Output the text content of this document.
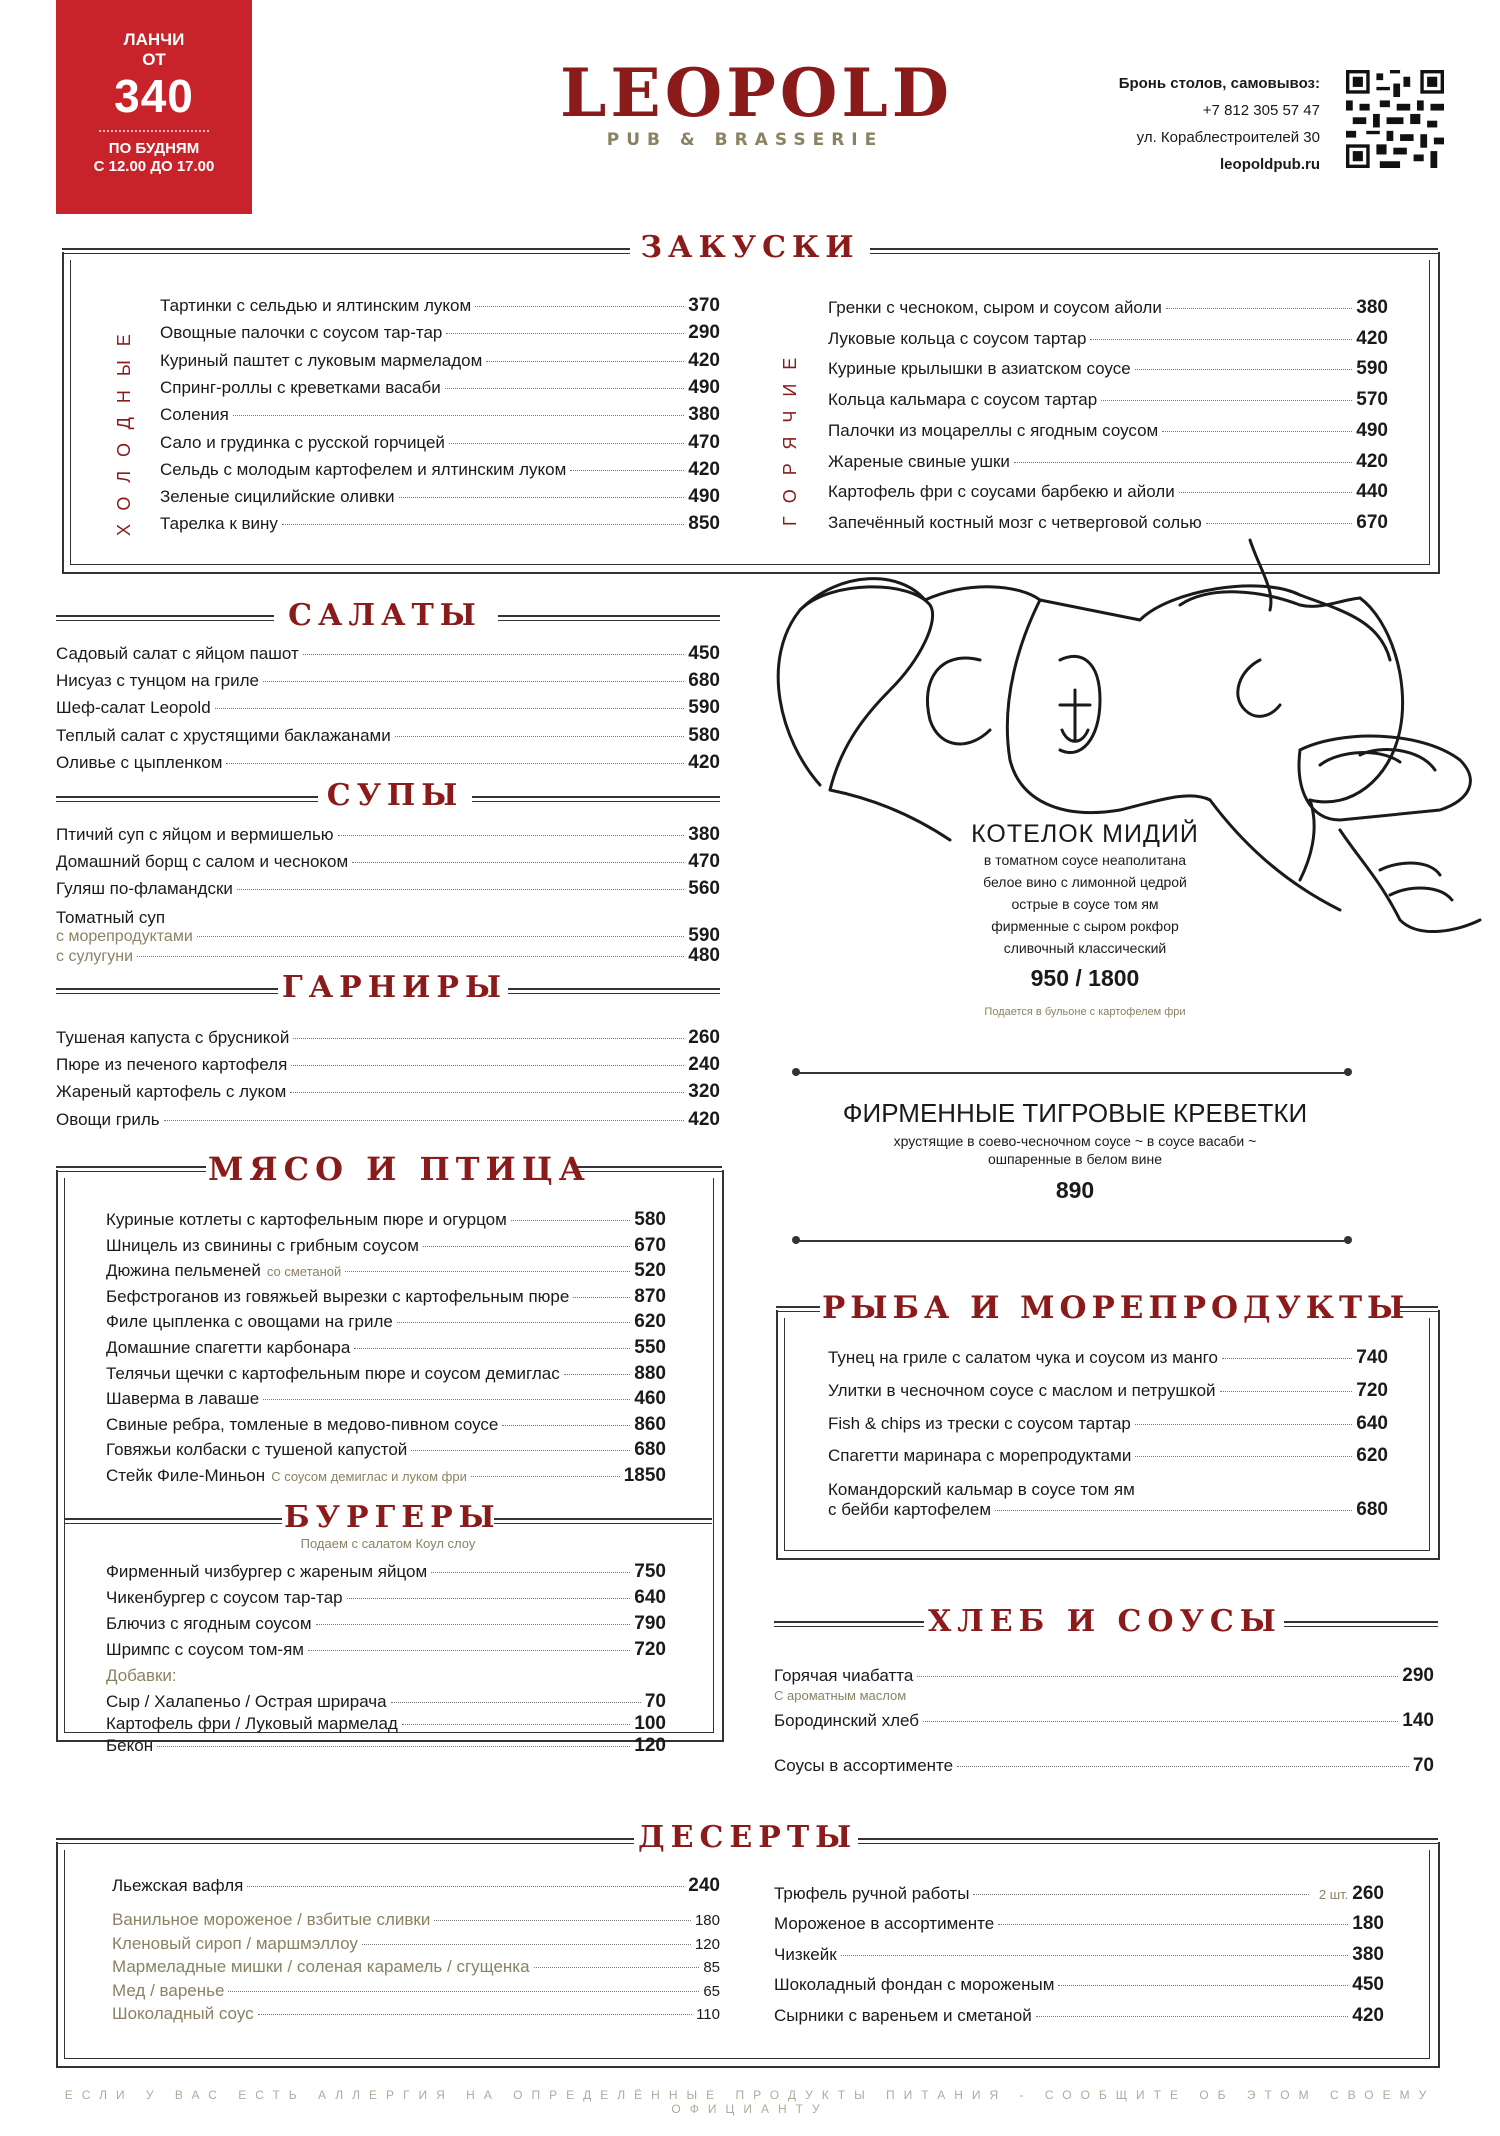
ЛАНЧИ
ОТ
340
ПО БУДНЯМ
С 12.00 ДО 17.00
LEOPOLD
PUB & BRASSERIE
Бронь столов, самовывоз:
+7 812 305 57 47
ул. Кораблестроителей 30
leopoldpub.ru
ЗАКУСКИ
ХОЛОДНЫЕ	ГОРЯЧИЕ
Тартинки с сельдью и ялтинским луком	370
Овощные палочки с соусом тар-тар	290
Куриный паштет с луковым мармеладом	420
Спринг-роллы с креветками васаби	490
Соления	380
Сало и грудинка с русской горчицей	470
Сельдь с молодым картофелем и ялтинским луком	420
Зеленые сицилийские оливки	490
Тарелка к вину	850
Гренки с чесноком, сыром и соусом айоли	380
Луковые кольца с соусом тартар	420
Куриные крылышки в азиатском соусе	590
Кольца кальмара с соусом тартар	570
Палочки из моцареллы с ягодным соусом	490
Жареные свиные ушки	420
Картофель фри с соусами барбекю и айоли	440
Запечённый костный мозг с четверговой солью	670
САЛАТЫ
Садовый салат с яйцом пашот	450
Нисуаз с тунцом на гриле	680
Шеф-салат Leopold	590
Теплый салат с хрустящими баклажанами	580
Оливье с цыпленком	420
СУПЫ
Птичий суп с яйцом и вермишелью	380
Домашний борщ с салом и чесноком	470
Гуляш по-фламандски	560
Томатный суп
с морепродуктами	590
с сулугуни	480
ГАРНИРЫ
Тушеная капуста с брусникой	260
Пюре из печеного картофеля	240
Жареный картофель с луком	320
Овощи гриль	420
МЯСО И ПТИЦА
Куриные котлеты с картофельным пюре и огурцом	580
Шницель из свинины с грибным соусом	670
Дюжина пельменей со сметаной	520
Бефстроганов из говяжьей вырезки с картофельным пюре	870
Филе цыпленка с овощами на гриле	620
Домашние спагетти карбонара	550
Телячьи щечки с картофельным пюре и соусом демиглас	880
Шаверма в лаваше	460
Свиные ребра, томленые в медово-пивном соусе	860
Говяжьи колбаски с тушеной капустой	680
Стейк Филе-Миньон С соусом демиглас и луком фри	1850
БУРГЕРЫ
Подаем с салатом Коул слоу
Фирменный чизбургер с жареным яйцом	750
Чикенбургер с соусом тар-тар	640
Блючиз с ягодным соусом	790
Шримпс с соусом том-ям	720
Добавки:
Сыр / Халапеньо / Острая шрирача	70
Картофель фри / Луковый мармелад	100
Бекон	120
КОТЕЛОК МИДИЙ
в томатном соусе неаполитана
белое вино с лимонной цедрой
острые в соусе том ям
фирменные с сыром рокфор
сливочный классический
950 / 1800
Подается в бульоне с картофелем фри
ФИРМЕННЫЕ ТИГРОВЫЕ КРЕВЕТКИ
хрустящие в соево-чесночном соусе ~ в соусе васаби ~
ошпаренные в белом вине
890
РЫБА И МОРЕПРОДУКТЫ
Тунец на гриле с салатом чука и соусом из манго	740
Улитки в чесночном соусе с маслом и петрушкой	720
Fish & chips из трески с соусом тартар	640
Спагетти маринара с морепродуктами	620
Командорский кальмар в соусе том ям
с бейби картофелем	680
ХЛЕБ И СОУСЫ
Горячая чиабатта	290
С ароматным маслом
Бородинский хлеб	140
Соусы в ассортименте	70
ДЕСЕРТЫ
Льежская вафля	240
Ванильное мороженое / взбитые сливки	180
Кленовый сироп / маршмэллоу	120
Мармеладные мишки / соленая карамель / сгущенка	85
Мед / варенье	65
Шоколадный соус	110
Трюфель ручной работы	2 шт. 260
Мороженое в ассортименте	180
Чизкейк	380
Шоколадный фондан с мороженым	450
Сырники с вареньем и сметаной	420
ЕСЛИ У ВАС ЕСТЬ АЛЛЕРГИЯ НА ОПРЕДЕЛЁННЫЕ ПРОДУКТЫ ПИТАНИЯ - СООБЩИТЕ ОБ ЭТОМ СВОЕМУ ОФИЦИАНТУ
